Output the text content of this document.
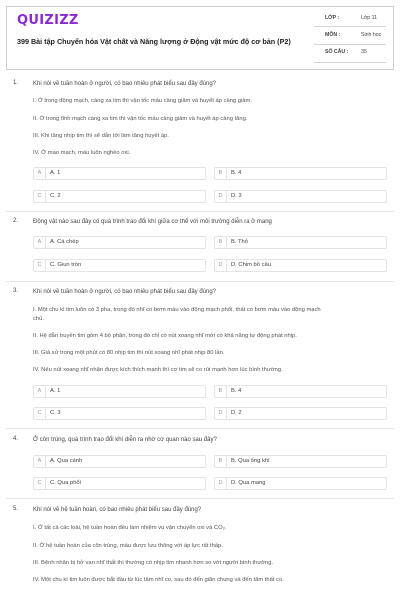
QUIZIZZ
399 Bài tập Chuyển hóa Vật chất và Năng lượng ở Động vật mức độ cơ bản (P2)
LỚP :	Lớp 11
MÔN :	Sinh học
SỐ CÂU : 35
1. Khi nói về tuần hoàn ở người, có bao nhiêu phát biểu sau đây đúng?
I. Ở trong động mạch, càng xa tim thì vận tốc máu càng giảm và huyết áp càng giảm.
II. Ở trong tĩnh mạch càng xa tim thì vận tốc máu càng giảm và huyết áp càng tăng.
III. Khi tăng nhịp tim thì sẽ dẫn tới làm tăng huyết áp.
IV. Ở mao mạch, máu luôn nghèo oxi.
A	A. 1	B	B. 4
C	C. 2	D	D. 3
2. Động vật nào sau đây có quá trình trao đổi khí giữa cơ thể với môi trường diễn ra ở mang
A	A. Cá chép	B	B. Thỏ
C	C. Giun tròn	D	D. Chim bồ câu
3. Khi nói về tuần hoàn ở người, có bao nhiêu phát biểu sau đây đúng?
I. Một chu kì tim luôn có 3 pha, trong đó nhĩ co bơm máu vào động mạch phổi, thất co bơm máu vào động mạch
chủ.
II. Hệ dẫn truyền tim gồm 4 bộ phận, trong đó chỉ có nút xoang nhĩ mới có khả năng tự động phát nhịp.
III. Giả sử trong một phút có 80 nhịp tim thì nút xoang nhĩ phát nhịp 80 lần.
IV. Nếu nút xoang nhĩ nhận được kích thích mạnh thì cơ tim sẽ co rút mạnh hơn lúc bình thường.
A	A. 1	B	B. 4
C	C. 3	D	D. 2
4. Ở côn trùng, quá trình trao đổi khí diễn ra nhờ cơ quan nào sau đây?
A	A. Qua cánh	B	B. Qua ống khí
C	C. Qua phổi	D	D. Qua mang
5. Khi nói về hệ tuần hoàn, có bao nhiêu phát biểu sau đây đúng?
I. Ở tất cả các loài, hệ tuần hoàn đều làm nhiệm vụ vận chuyển oxi và CO₂.
II. Ở hệ tuần hoàn của côn trùng, máu được lưu thông với áp lực rất thấp.
III. Bệnh nhân bị hở van nhĩ thất thì thường có nhịp tim nhanh hơn so với người bình thường.
IV. Một chu kì tim luôn được bắt đầu từ lúc tâm nhĩ co, sau đó đến giãn chung và đến tâm thất co.
